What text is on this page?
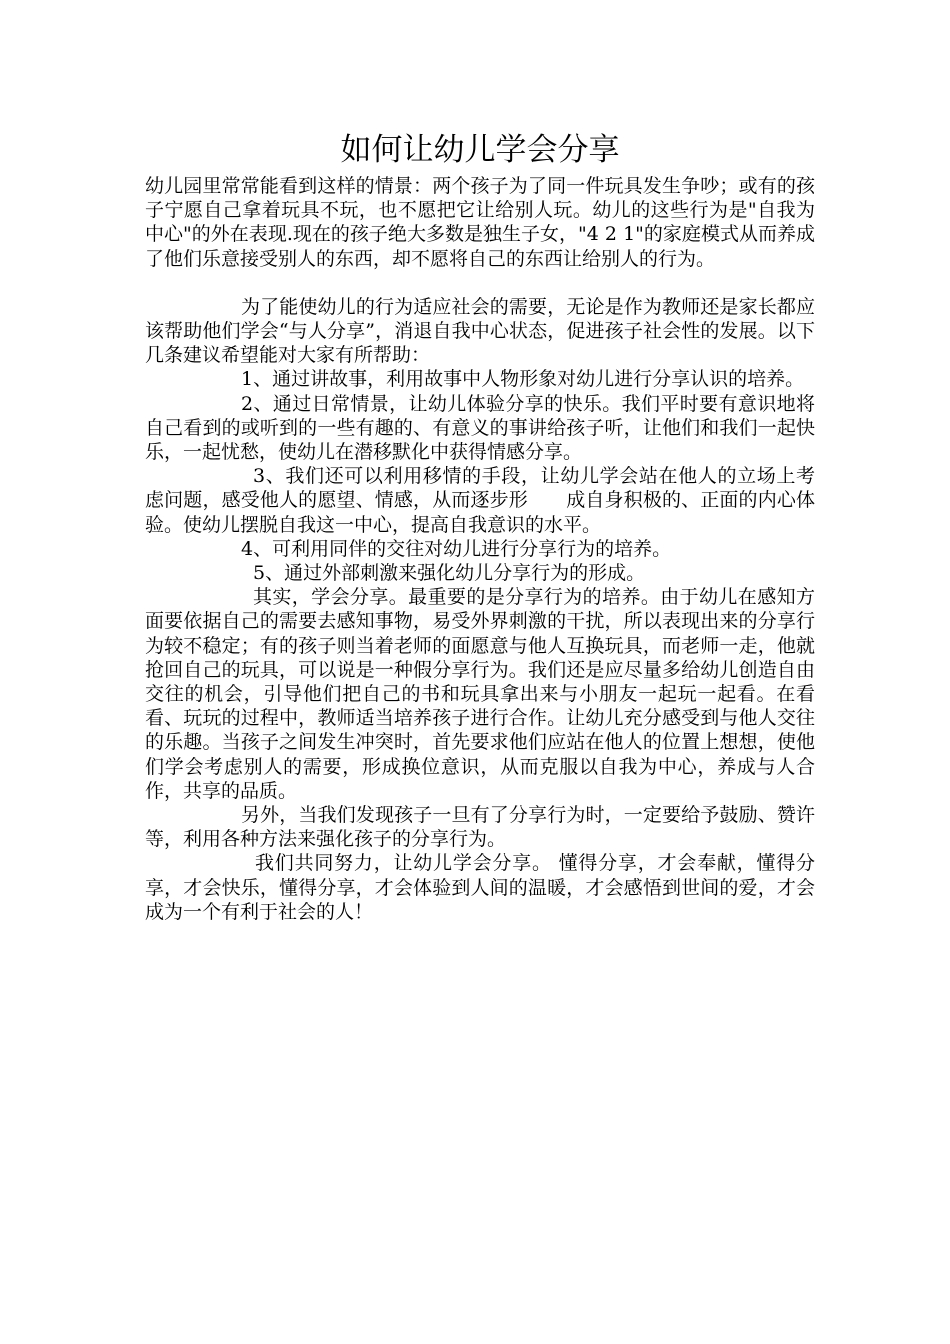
如何让幼儿学会分享

幼儿园里常常能看到这样的情景：两个孩子为了同一件玩具发生争吵；或有的孩子宁愿自己拿着玩具不玩，也不愿把它让给别人玩。幼儿的这些行为是"自我为中心"的外在表现.现在的孩子绝大多数是独生子女，"4 2 1"的家庭模式从而养成了他们乐意接受别人的东西，却不愿将自己的东西让给别人的行为。

为了能使幼儿的行为适应社会的需要，无论是作为教师还是家长都应该帮助他们学会“与人分享”，消退自我中心状态，促进孩子社会性的发展。以下几条建议希望能对大家有所帮助：

1、通过讲故事，利用故事中人物形象对幼儿进行分享认识的培养。

2、通过日常情景，让幼儿体验分享的快乐。我们平时要有意识地将自己看到的或听到的一些有趣的、有意义的事讲给孩子听，让他们和我们一起快乐，一起忧愁，使幼儿在潜移默化中获得情感分享。

3、我们还可以利用移情的手段，让幼儿学会站在他人的立场上考虑问题，感受他人的愿望、情感，从而逐步形　　成自身积极的、正面的内心体验。使幼儿摆脱自我这一中心，提高自我意识的水平。

4、可利用同伴的交往对幼儿进行分享行为的培养。

5、通过外部刺激来强化幼儿分享行为的形成。

其实，学会分享。最重要的是分享行为的培养。由于幼儿在感知方面要依据自己的需要去感知事物，易受外界刺激的干扰，所以表现出来的分享行为较不稳定；有的孩子则当着老师的面愿意与他人互换玩具，而老师一走，他就抢回自己的玩具，可以说是一种假分享行为。我们还是应尽量多给幼儿创造自由交往的机会，引导他们把自己的书和玩具拿出来与小朋友一起玩一起看。在看看、玩玩的过程中，教师适当培养孩子进行合作。让幼儿充分感受到与他人交往的乐趣。当孩子之间发生冲突时，首先要求他们应站在他人的位置上想想，使他们学会考虑别人的需要，形成换位意识，从而克服以自我为中心，养成与人合作，共享的品质。

另外，当我们发现孩子一旦有了分享行为时，一定要给予鼓励、赞许等，利用各种方法来强化孩子的分享行为。

我们共同努力，让幼儿学会分享。 懂得分享，才会奉献，懂得分享，才会快乐，懂得分享，才会体验到人间的温暖，才会感悟到世间的爱，才会成为一个有利于社会的人！
